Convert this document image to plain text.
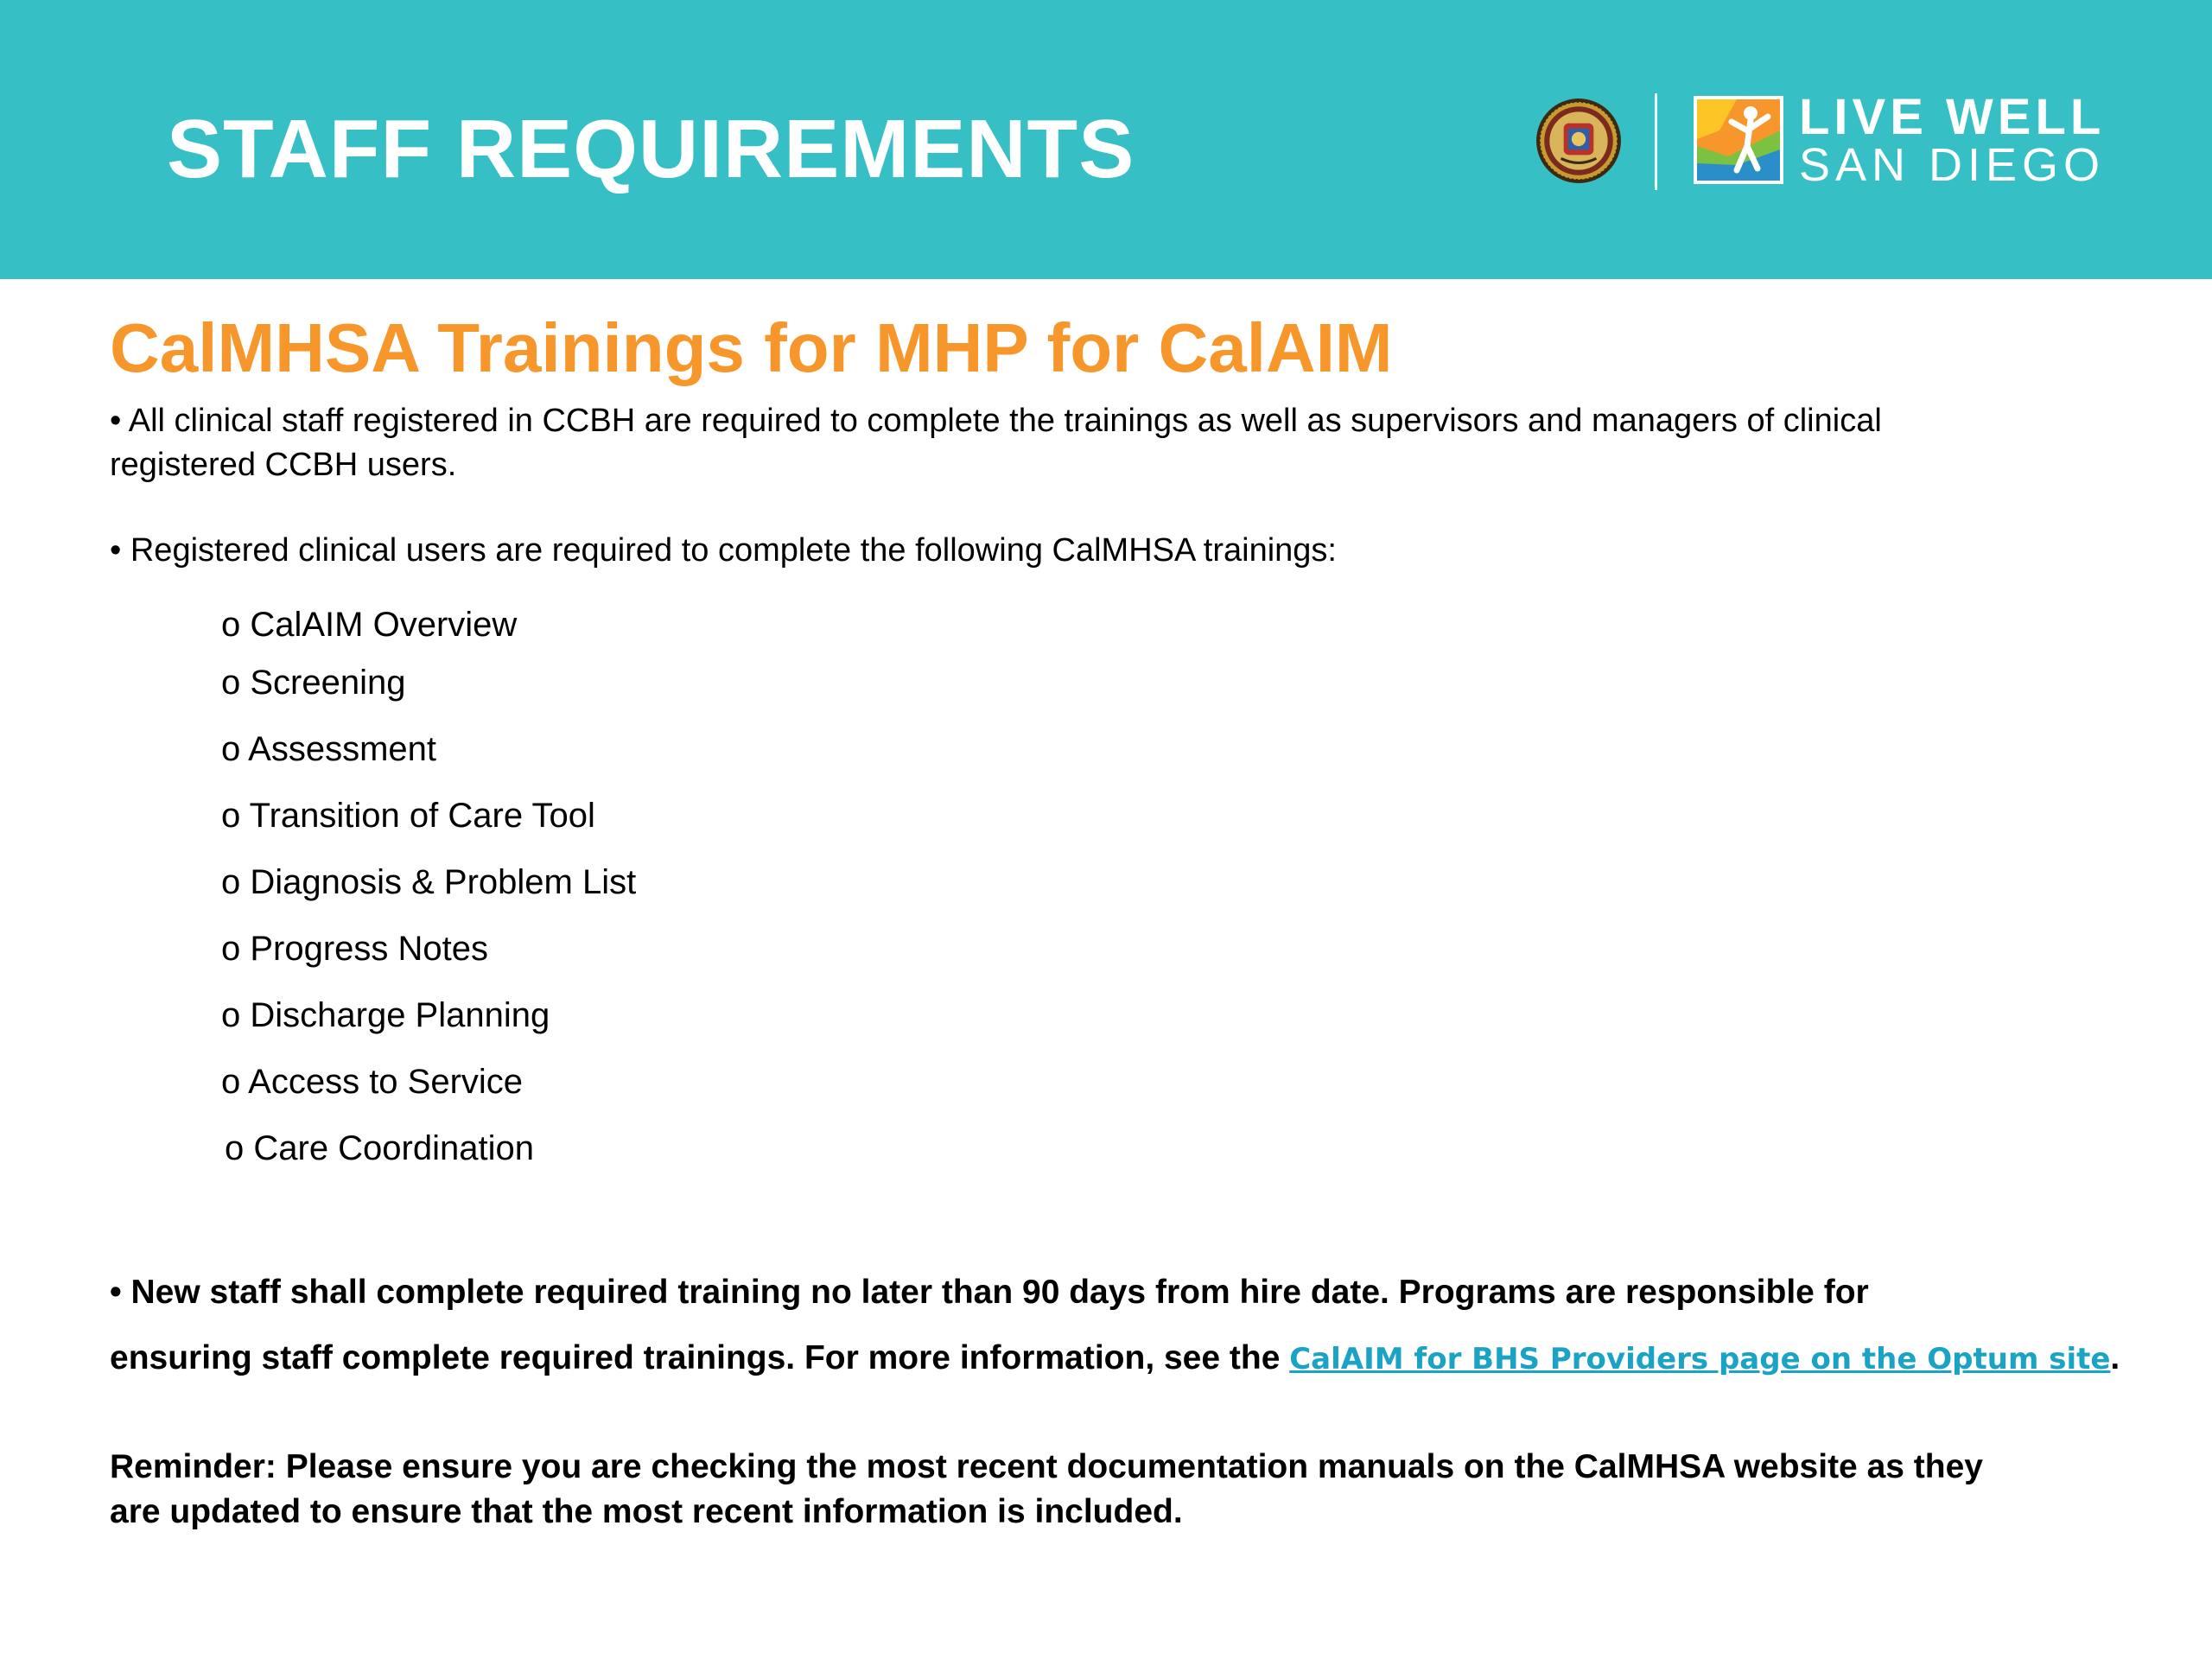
STAFF REQUIREMENTS	LIVE WELL
SAN DIEGO
CalMHSA Trainings for MHP for CalAIM

• All clinical staff registered in CCBH are required to complete the trainings as well as supervisors and managers of clinical
registered CCBH users.

• Registered clinical users are required to complete the following CalMHSA trainings:

o CalAIM Overview
o Screening
o Assessment
o Transition of Care Tool
o Diagnosis & Problem List
o Progress Notes
o Discharge Planning
o Access to Service
o Care Coordination

• New staff shall complete required training no later than 90 days from hire date. Programs are responsible for
ensuring staff complete required trainings. For more information, see the CalAIM for BHS Providers page on the Optum site.

Reminder: Please ensure you are checking the most recent documentation manuals on the CalMHSA website as they
are updated to ensure that the most recent information is included.
